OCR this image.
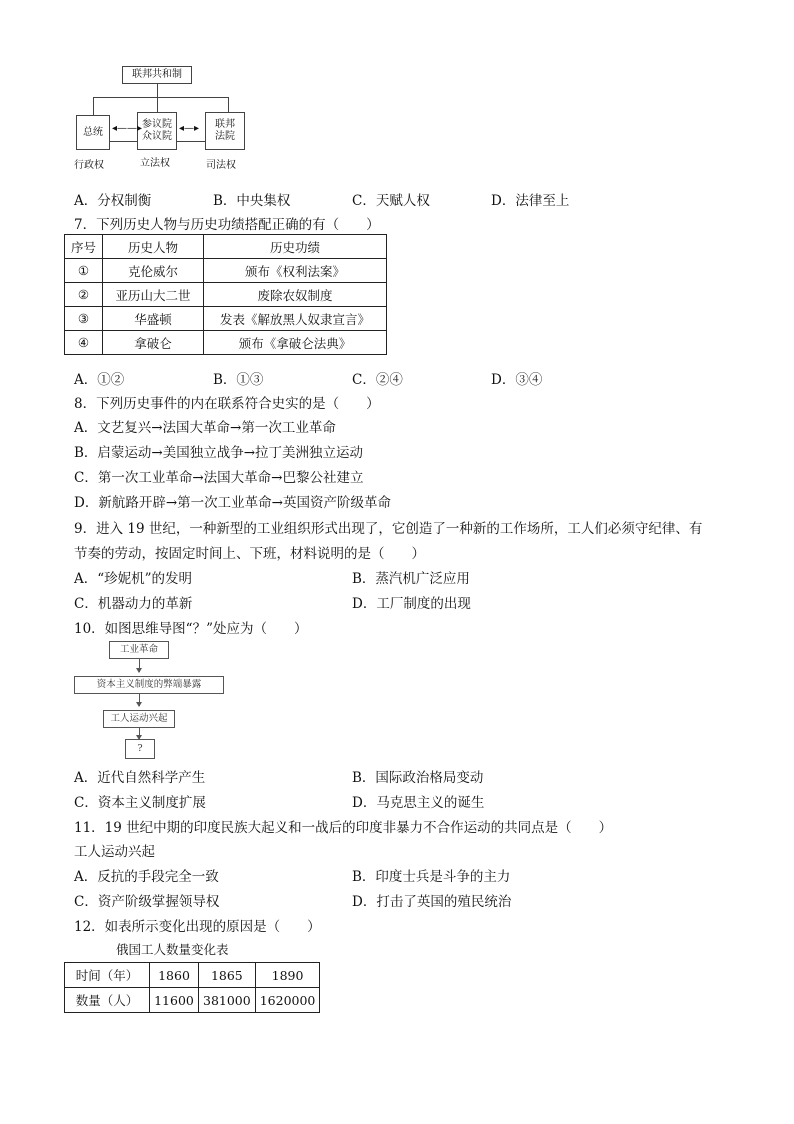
联邦共和制
总统
参议院
众议院
联邦
法院
◂——▸	◂—▸
行政权	立法权	司法权
A．分权制衡	B．中央集权	C．天赋人权	D．法律至上
7．下列历史人物与历史功绩搭配正确的有（　　）
序号	历史人物	历史功绩
①	克伦威尔	颁布《权利法案》
②	亚历山大二世	废除农奴制度
③	华盛顿	发表《解放黑人奴隶宣言》
④	拿破仑	颁布《拿破仑法典》
A．①②	B．①③	C．②④	D．③④
8．下列历史事件的内在联系符合史实的是（　　）
A．文艺复兴→法国大革命→第一次工业革命
B．启蒙运动→美国独立战争→拉丁美洲独立运动
C．第一次工业革命→法国大革命→巴黎公社建立
D．新航路开辟→第一次工业革命→英国资产阶级革命
9．进入 19 世纪，一种新型的工业组织形式出现了，它创造了一种新的工作场所，工人们必须守纪律、有
节奏的劳动，按固定时间上、下班，材料说明的是（　　）
A．“珍妮机”的发明	B．蒸汽机广泛应用
C．机器动力的革新	D．工厂制度的出现
10．如图思维导图“？”处应为（　　）
工业革命
资本主义制度的弊端暴露
工人运动兴起
?
A．近代自然科学产生	B．国际政治格局变动
C．资本主义制度扩展	D．马克思主义的诞生
11．19 世纪中期的印度民族大起义和一战后的印度非暴力不合作运动的共同点是（　　）
工人运动兴起
A．反抗的手段完全一致	B．印度士兵是斗争的主力
C．资产阶级掌握领导权	D．打击了英国的殖民统治
12．如表所示变化出现的原因是（　　）
俄国工人数量变化表
时间（年）	1860	1865	1890
数量（人）	11600	381000	1620000
